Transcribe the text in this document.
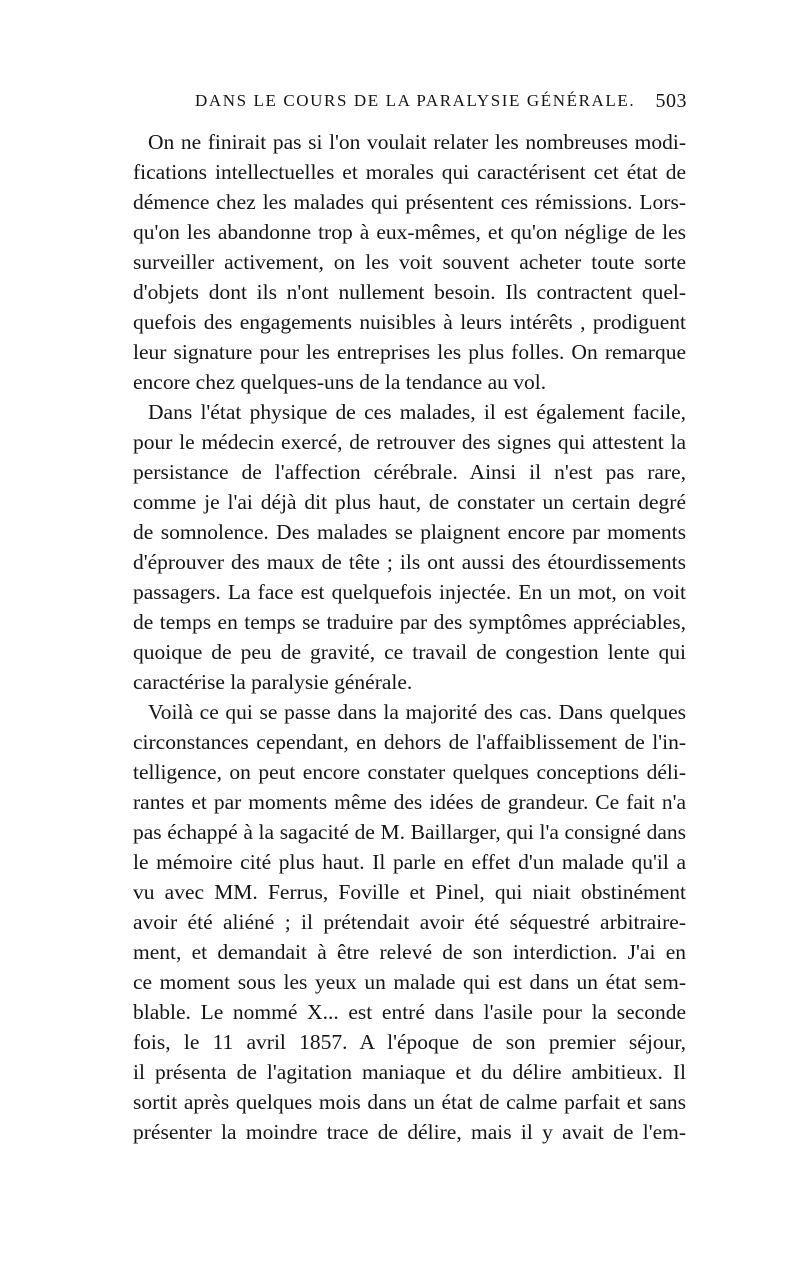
DANS LE COURS DE LA PARALYSIE GÉNÉRALE. 503
On ne finirait pas si l'on voulait relater les nombreuses modi-
fications intellectuelles et morales qui caractérisent cet état de
démence chez les malades qui présentent ces rémissions. Lors-
qu'on les abandonne trop à eux-mêmes, et qu'on néglige de les
surveiller activement, on les voit souvent acheter toute sorte
d'objets dont ils n'ont nullement besoin. Ils contractent quel-
quefois des engagements nuisibles à leurs intérêts , prodiguent
leur signature pour les entreprises les plus folles. On remarque
encore chez quelques-uns de la tendance au vol.
Dans l'état physique de ces malades, il est également facile,
pour le médecin exercé, de retrouver des signes qui attestent la
persistance de l'affection cérébrale. Ainsi il n'est pas rare,
comme je l'ai déjà dit plus haut, de constater un certain degré
de somnolence. Des malades se plaignent encore par moments
d'éprouver des maux de tête ; ils ont aussi des étourdissements
passagers. La face est quelquefois injectée. En un mot, on voit
de temps en temps se traduire par des symptômes appréciables,
quoique de peu de gravité, ce travail de congestion lente qui
caractérise la paralysie générale.
Voilà ce qui se passe dans la majorité des cas. Dans quelques
circonstances cependant, en dehors de l'affaiblissement de l'in-
telligence, on peut encore constater quelques conceptions déli-
rantes et par moments même des idées de grandeur. Ce fait n'a
pas échappé à la sagacité de M. Baillarger, qui l'a consigné dans
le mémoire cité plus haut. Il parle en effet d'un malade qu'il a
vu avec MM. Ferrus, Foville et Pinel, qui niait obstinément
avoir été aliéné ; il prétendait avoir été séquestré arbitraire-
ment, et demandait à être relevé de son interdiction. J'ai en
ce moment sous les yeux un malade qui est dans un état sem-
blable. Le nommé X... est entré dans l'asile pour la seconde
fois, le 11 avril 1857. A l'époque de son premier séjour,
il présenta de l'agitation maniaque et du délire ambitieux. Il
sortit après quelques mois dans un état de calme parfait et sans
présenter la moindre trace de délire, mais il y avait de l'em-
